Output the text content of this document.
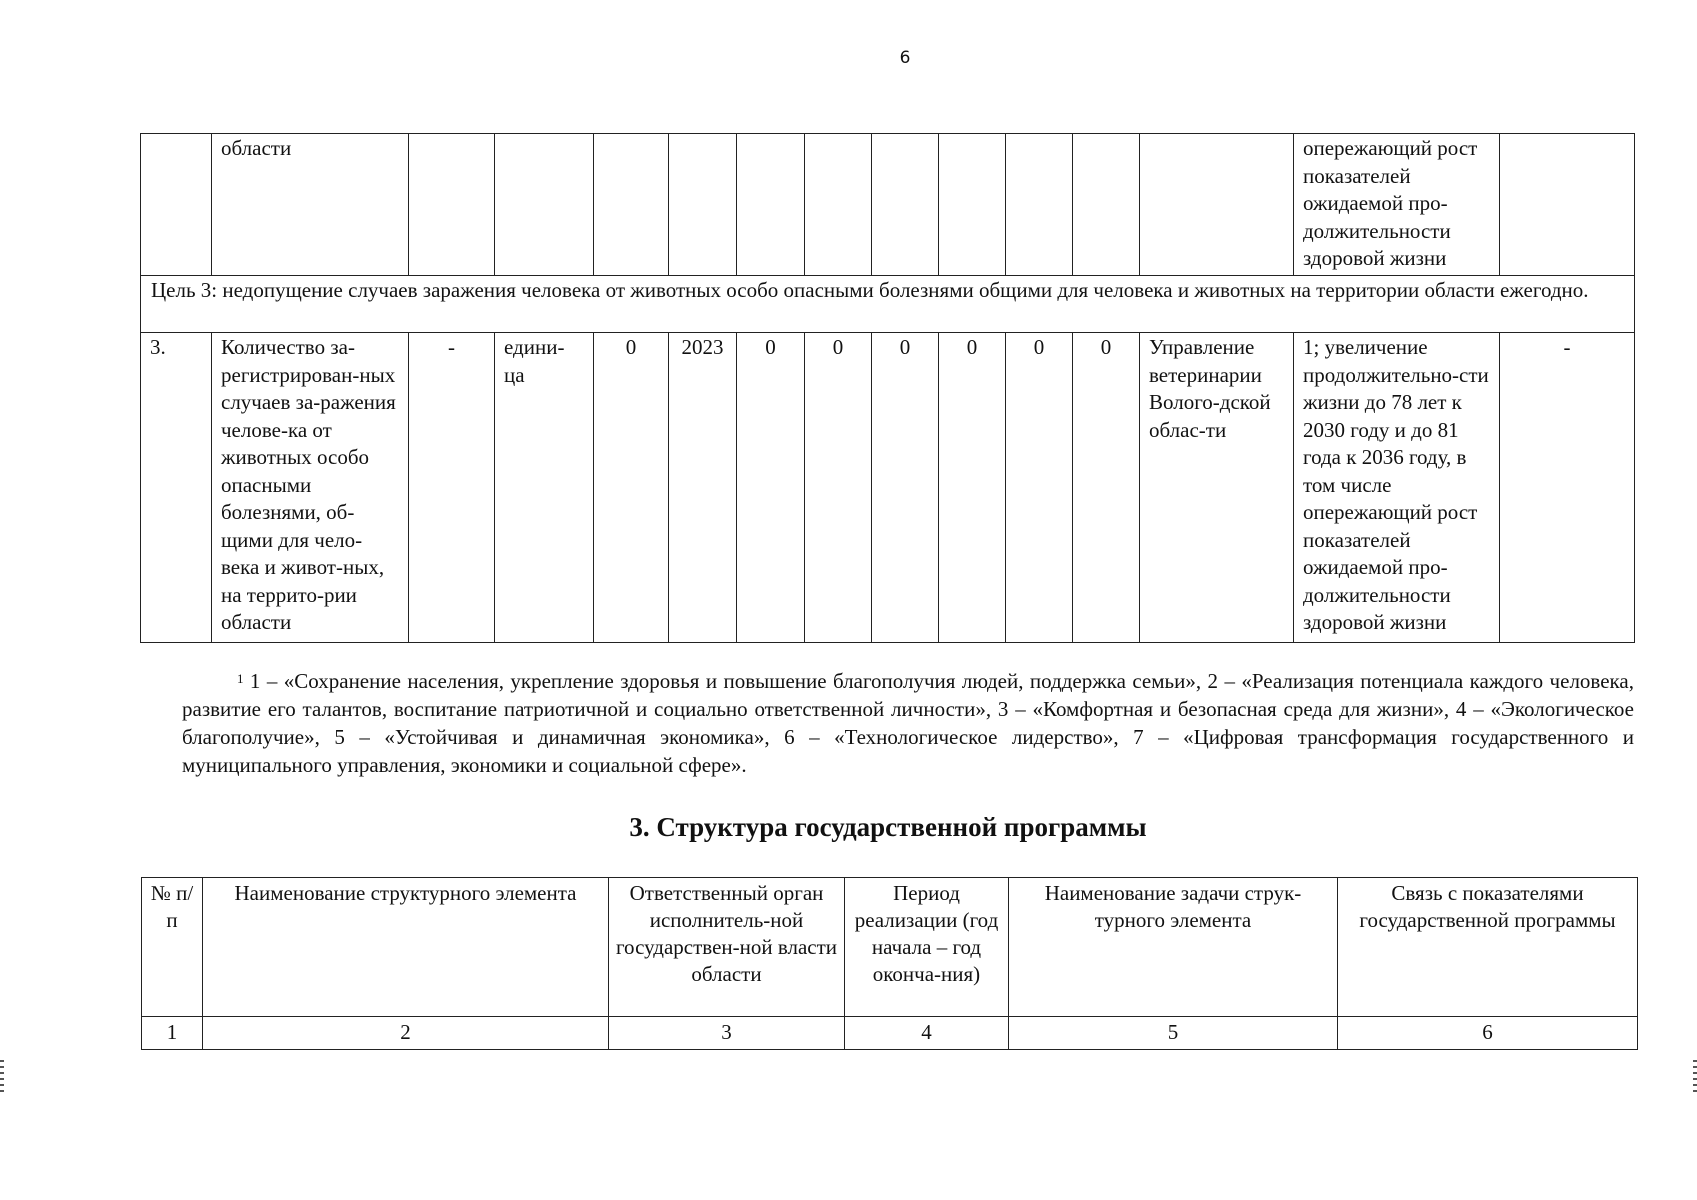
6
	области												опережающий рост показателей ожидаемой про-должительности здоровой жизни	
Цель 3: недопущение случаев заражения человека от животных особо опасными болезнями общими для человека и животных на территории области ежегодно.														
3.	Количество за-регистрирован-ных случаев за-ражения челове-ка от животных особо опасными болезнями, об-щими для чело-века и живот-ных, на террито-рии области	-	едини-ца	0	2023	0	0	0	0	0	0	Управление ветеринарии Волого-дской облас-ти	1; увеличение продолжительно-сти жизни до 78 лет к 2030 году и до 81 года к 2036 году, в том числе опережающий рост показателей ожидаемой про-должительности здоровой жизни	-
$^1$ 1 – «Сохранение населения, укрепление здоровья и повышение благополучия людей, поддержка семьи», 2 – «Реализация потенциала каждого человека, развитие его талантов, воспитание патриотичной и социально ответственной личности», 3 – «Комфортная и безопасная среда для жизни», 4 – «Экологическое благополучие», 5 – «Устойчивая и динамичная экономика», 6 – «Технологическое лидерство», 7 – «Цифровая трансформация государственного и муниципального управления, экономики и социальной сфере».
3. Структура государственной программы
№ п/п	Наименование структурного элемента	Ответственный орган исполнитель-ной государствен-ной власти области	Период реализации (год начала – год оконча-ния)	Наименование задачи струк-турного элемента	Связь с показателями государственной программы
1	2	3	4	5	6
